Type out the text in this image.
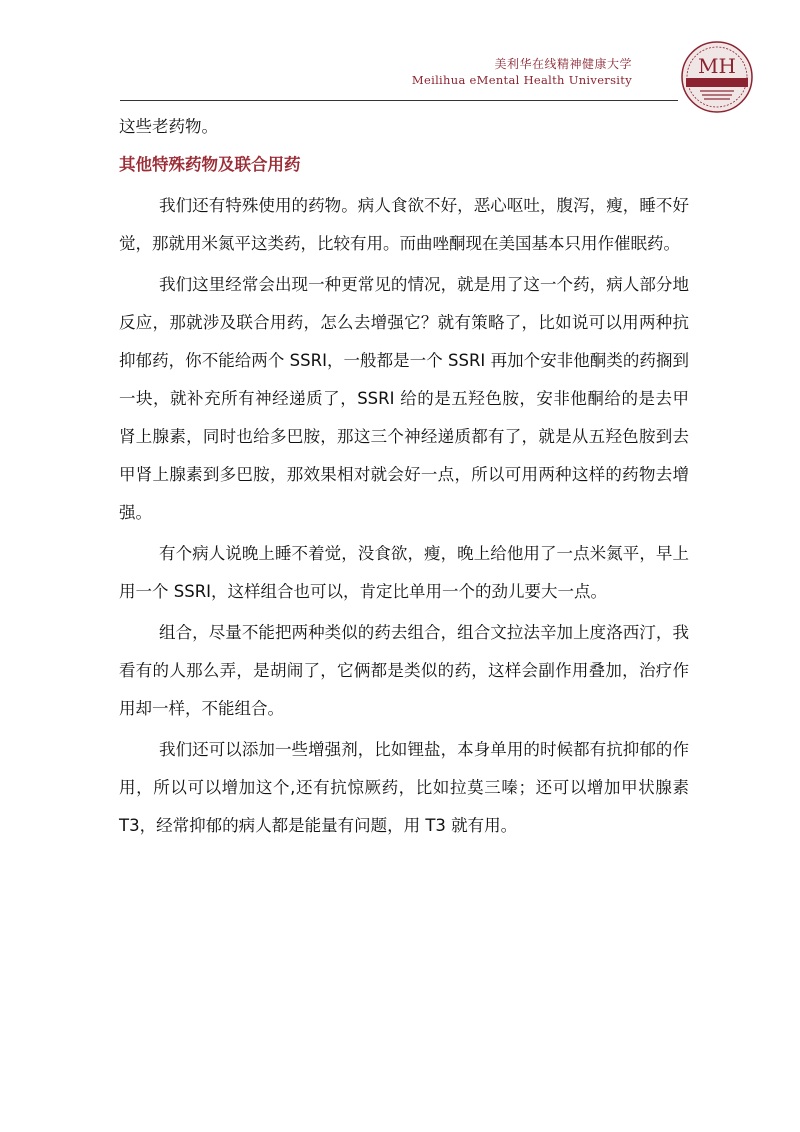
美利华在线精神健康大学
Meilihua eMental Health University
MH

这些老药物。

其他特殊药物及联合用药

我们还有特殊使用的药物。病人食欲不好，恶心呕吐，腹泻，瘦，睡不好觉，那就用米氮平这类药，比较有用。而曲唑酮现在美国基本只用作催眠药。

我们这里经常会出现一种更常见的情况，就是用了这一个药，病人部分地反应，那就涉及联合用药，怎么去增强它？就有策略了，比如说可以用两种抗抑郁药，你不能给两个 SSRI，一般都是一个 SSRI 再加个安非他酮类的药搁到一块，就补充所有神经递质了，SSRI 给的是五羟色胺，安非他酮给的是去甲肾上腺素，同时也给多巴胺，那这三个神经递质都有了，就是从五羟色胺到去甲肾上腺素到多巴胺，那效果相对就会好一点，所以可用两种这样的药物去增强。

有个病人说晚上睡不着觉，没食欲，瘦，晚上给他用了一点米氮平，早上用一个 SSRI，这样组合也可以，肯定比单用一个的劲儿要大一点。

组合，尽量不能把两种类似的药去组合，组合文拉法辛加上度洛西汀，我看有的人那么弄，是胡闹了，它俩都是类似的药，这样会副作用叠加，治疗作用却一样，不能组合。

我们还可以添加一些增强剂，比如锂盐，本身单用的时候都有抗抑郁的作用，所以可以增加这个,还有抗惊厥药，比如拉莫三嗪；还可以增加甲状腺素 T3，经常抑郁的病人都是能量有问题，用 T3 就有用。
